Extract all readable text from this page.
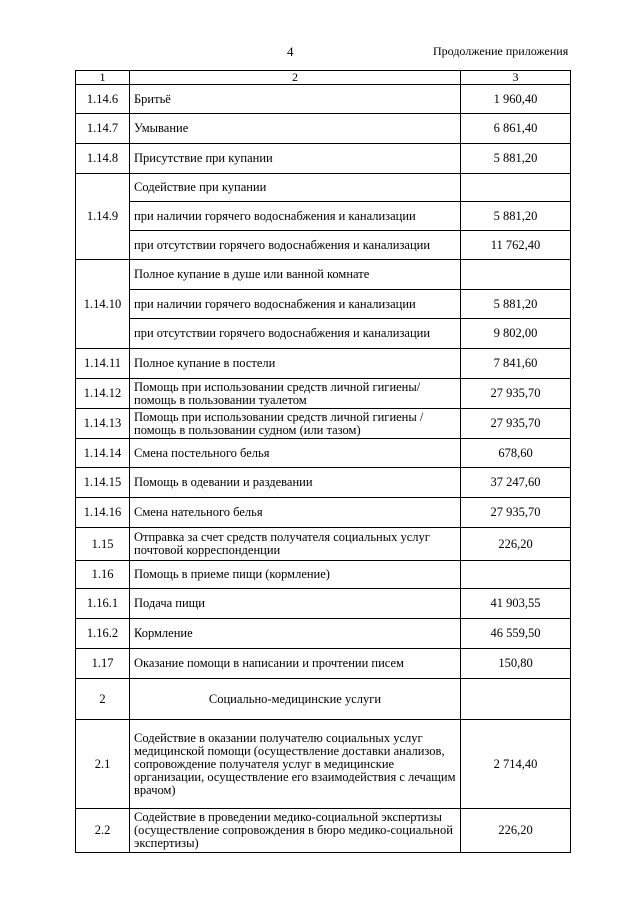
4	Продолжение приложения
1	2	3
1.14.6	Бритьё	1 960,40
1.14.7	Умывание	6 861,40
1.14.8	Присутствие при купании	5 881,20
1.14.9	Содействие при купании	
	при наличии горячего водоснабжения и канализации	5 881,20
	при отсутствии горячего водоснабжения и канализации	11 762,40
1.14.10	Полное купание в душе или ванной комнате	
	при наличии горячего водоснабжения и канализации	5 881,20
	при отсутствии горячего водоснабжения и канализации	9 802,00
1.14.11	Полное купание в постели	7 841,60
1.14.12	Помощь при использовании средств личной гигиены/помощь в пользовании туалетом	27 935,70
1.14.13	Помощь при использовании средств личной гигиены / помощь в пользовании судном (или тазом)	27 935,70
1.14.14	Смена постельного белья	678,60
1.14.15	Помощь в одевании и раздевании	37 247,60
1.14.16	Смена нательного белья	27 935,70
1.15	Отправка за счет средств получателя социальных услуг почтовой корреспонденции	226,20
1.16	Помощь в приеме пищи (кормление)	
1.16.1	Подача пищи	41 903,55
1.16.2	Кормление	46 559,50
1.17	Оказание помощи в написании и прочтении писем	150,80
2	Социально-медицинские услуги	
2.1	Содействие в оказании получателю социальных услуг медицинской помощи (осуществление доставки анализов, сопровождение получателя услуг в медицинские организации, осуществление его взаимодействия с лечащим врачом)	2 714,40
2.2	Содействие в проведении медико-социальной экспертизы (осуществление сопровождения в бюро медико-социальной экспертизы)	226,20
